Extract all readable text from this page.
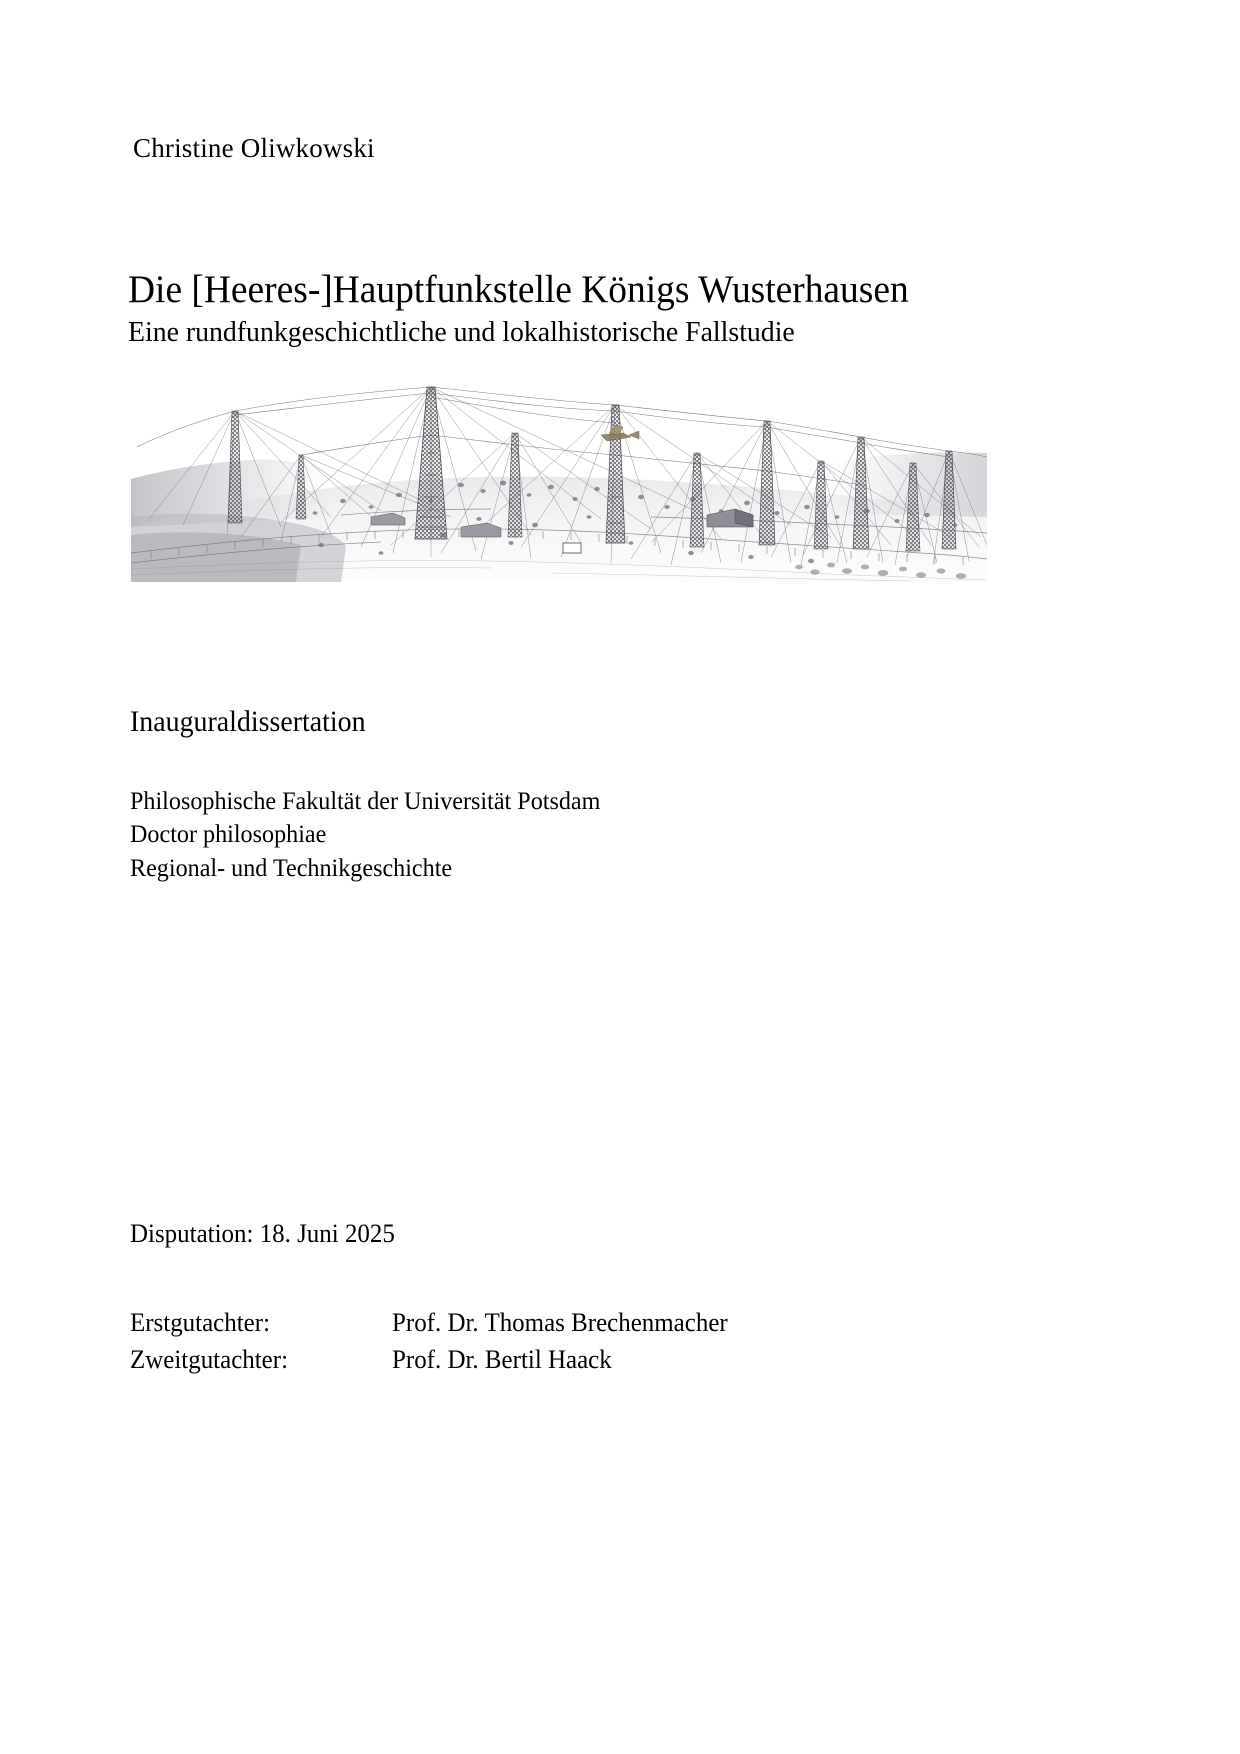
Christine Oliwkowski
Die [Heeres-]Hauptfunkstelle Königs Wusterhausen
Eine rundfunkgeschichtliche und lokalhistorische Fallstudie
Inauguraldissertation
Philosophische Fakultät der Universität Potsdam
Doctor philosophiae
Regional- und Technikgeschichte
Disputation: 18. Juni 2025
Erstgutachter:	Prof. Dr. Thomas Brechenmacher
Zweitgutachter:	Prof. Dr. Bertil Haack
